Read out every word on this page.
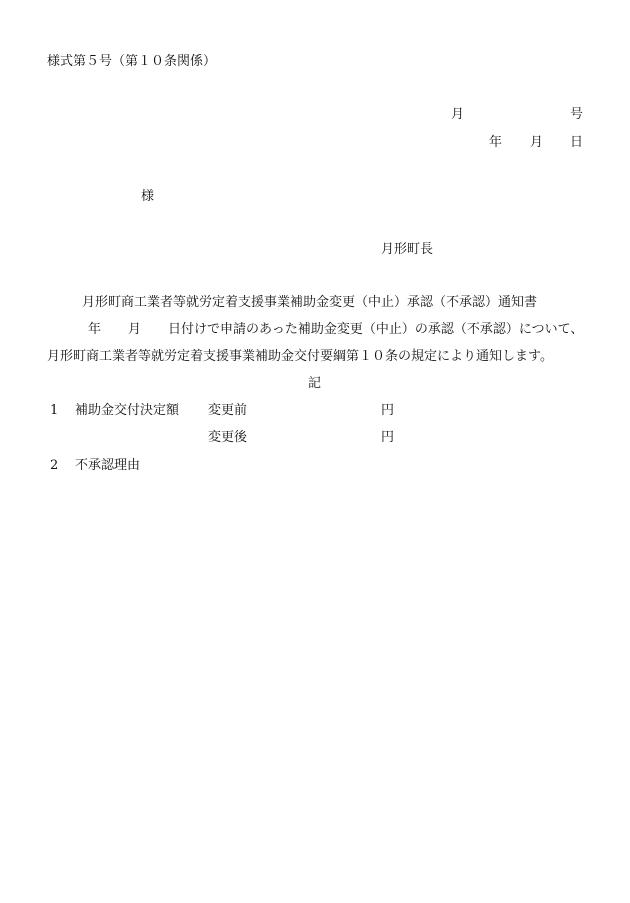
様式第５号（第１０条関係）
月	号
年 月 日
様
月形町長
月形町商工業者等就労定着支援事業補助金変更（中止）承認（不承認）通知書
年 月 日付けで申請のあった補助金変更（中止）の承認（不承認）について、
月形町商工業者等就労定着支援事業補助金交付要綱第１０条の規定により通知します。
記
1 補助金交付決定額 変更前	円
変更後	円
2 不承認理由
